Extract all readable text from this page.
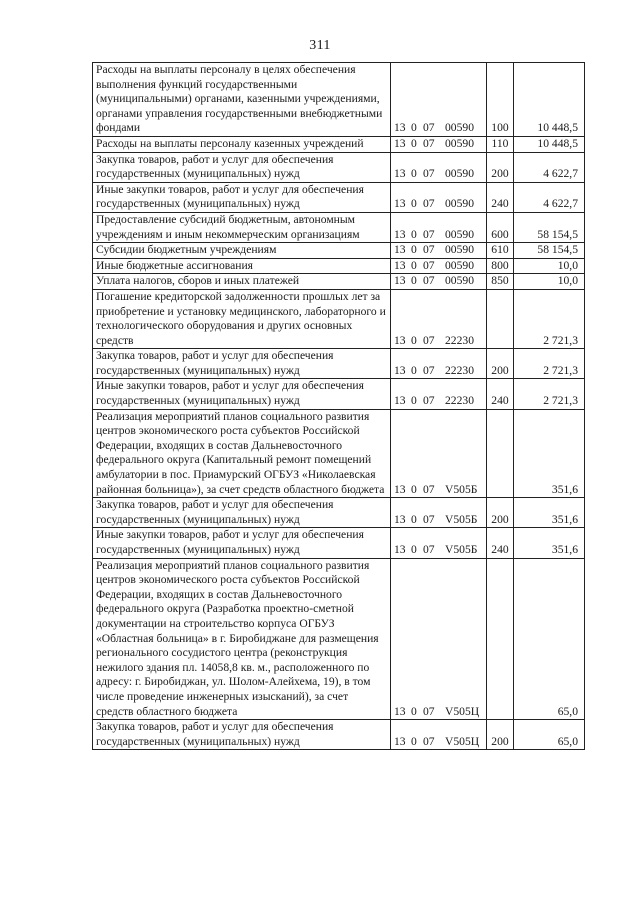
311
Расходы на выплаты персоналу в целях обеспечения выполнения функций государственными (муниципальными) органами, казенными учреждениями, органами управления государственными внебюджетными фондами	13 0 07 00590	100	10 448,5
Расходы на выплаты персоналу казенных учреждений	13 0 07 00590	110	10 448,5
Закупка товаров, работ и услуг для обеспечения государственных (муниципальных) нужд	13 0 07 00590	200	4 622,7
Иные закупки товаров, работ и услуг для обеспечения государственных (муниципальных) нужд	13 0 07 00590	240	4 622,7
Предоставление субсидий бюджетным, автономным учреждениям и иным некоммерческим организациям	13 0 07 00590	600	58 154,5
Субсидии бюджетным учреждениям	13 0 07 00590	610	58 154,5
Иные бюджетные ассигнования	13 0 07 00590	800	10,0
Уплата налогов, сборов и иных платежей	13 0 07 00590	850	10,0
Погашение кредиторской задолженности прошлых лет за приобретение и установку медицинского, лабораторного и технологического оборудования и других основных средств	13 0 07 22230		2 721,3
Закупка товаров, работ и услуг для обеспечения государственных (муниципальных) нужд	13 0 07 22230	200	2 721,3
Иные закупки товаров, работ и услуг для обеспечения государственных (муниципальных) нужд	13 0 07 22230	240	2 721,3
Реализация мероприятий планов социального развития центров экономического роста субъектов Российской Федерации, входящих в состав Дальневосточного федерального округа (Капитальный ремонт помещений амбулатории в пос. Приамурский ОГБУЗ «Николаевская районная больница»), за счет средств областного бюджета	13 0 07 V505Б		351,6
Закупка товаров, работ и услуг для обеспечения государственных (муниципальных) нужд	13 0 07 V505Б	200	351,6
Иные закупки товаров, работ и услуг для обеспечения государственных (муниципальных) нужд	13 0 07 V505Б	240	351,6
Реализация мероприятий планов социального развития центров экономического роста субъектов Российской Федерации, входящих в состав Дальневосточного федерального округа (Разработка проектно-сметной документации на строительство корпуса ОГБУЗ «Областная больница» в г. Биробиджане для размещения регионального сосудистого центра (реконструкция нежилого здания пл. 14058,8 кв. м., расположенного по адресу: г. Биробиджан, ул. Шолом-Алейхема, 19), в том числе проведение инженерных изысканий), за счет средств областного бюджета	13 0 07 V505Ц		65,0
Закупка товаров, работ и услуг для обеспечения государственных (муниципальных) нужд	13 0 07 V505Ц	200	65,0
